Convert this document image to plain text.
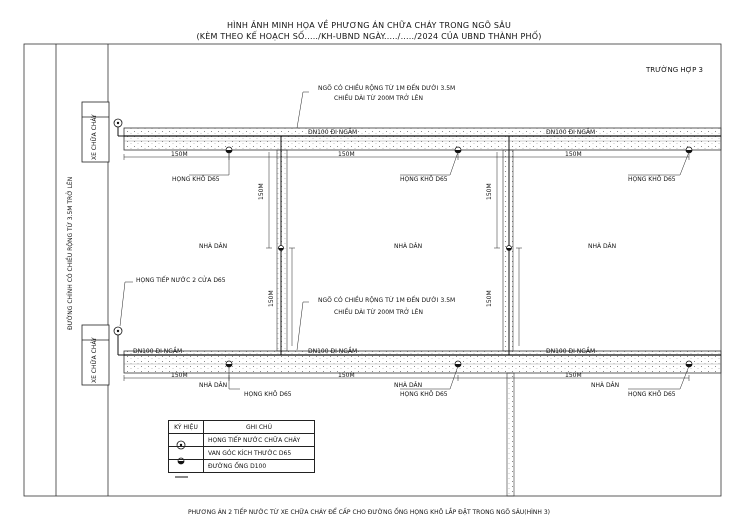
HÌNH ẢNH MINH HỌA VỀ PHƯƠNG ÁN CHỮA CHÁY TRONG NGÕ SÂU
(KÈM THEO KẾ HOẠCH SỐ...../KH-UBND NGÀY...../...../2024 CỦA UBND THÀNH PHỐ)
TRƯỜNG HỢP 3
ĐƯỜNG CHÍNH CÓ CHIỀU RỘNG TỪ 3.5M TRỞ LÊN
XE CHỮA CHÁY
XE CHỮA CHÁY
NGÕ CÓ CHIỀU RỘNG TỪ 1M ĐẾN DƯỚI 3.5M
CHIỀU DÀI TỪ 200M TRỞ LÊN
NGÕ CÓ CHIỀU RỘNG TỪ 1M ĐẾN DƯỚI 3.5M
CHIỀU DÀI TỪ 200M TRỞ LÊN
DN100 ĐI NGẦM	DN100 ĐI NGẦM
DN100 ĐI NGẦM	DN100 ĐI NGẦM	DN100 ĐI NGẦM
150M	150M	150M
150M	150M	150M
150M
150M
150M
150M
HỌNG KHÔ D65	HỌNG KHÔ D65	HỌNG KHÔ D65
HỌNG KHÔ D65	HỌNG KHÔ D65	HỌNG KHÔ D65
HỌNG TIẾP NƯỚC 2 CỬA D65
NHÀ DÂN	NHÀ DÂN	NHÀ DÂN
NHÀ DÂN	NHÀ DÂN	NHÀ DÂN
KÝ HIỆU	GHI CHÚ
	HỌNG TIẾP NƯỚC CHỮA CHÁY
	VAN GÓC KÍCH THƯỚC D65
	ĐƯỜNG ỐNG D100
PHƯƠNG ÁN 2 TIẾP NƯỚC TỪ XE CHỮA CHÁY ĐỂ CẤP CHO ĐƯỜNG ỐNG HỌNG KHÔ LẮP ĐẶT TRONG NGÕ SÂU(HÌNH 3)
